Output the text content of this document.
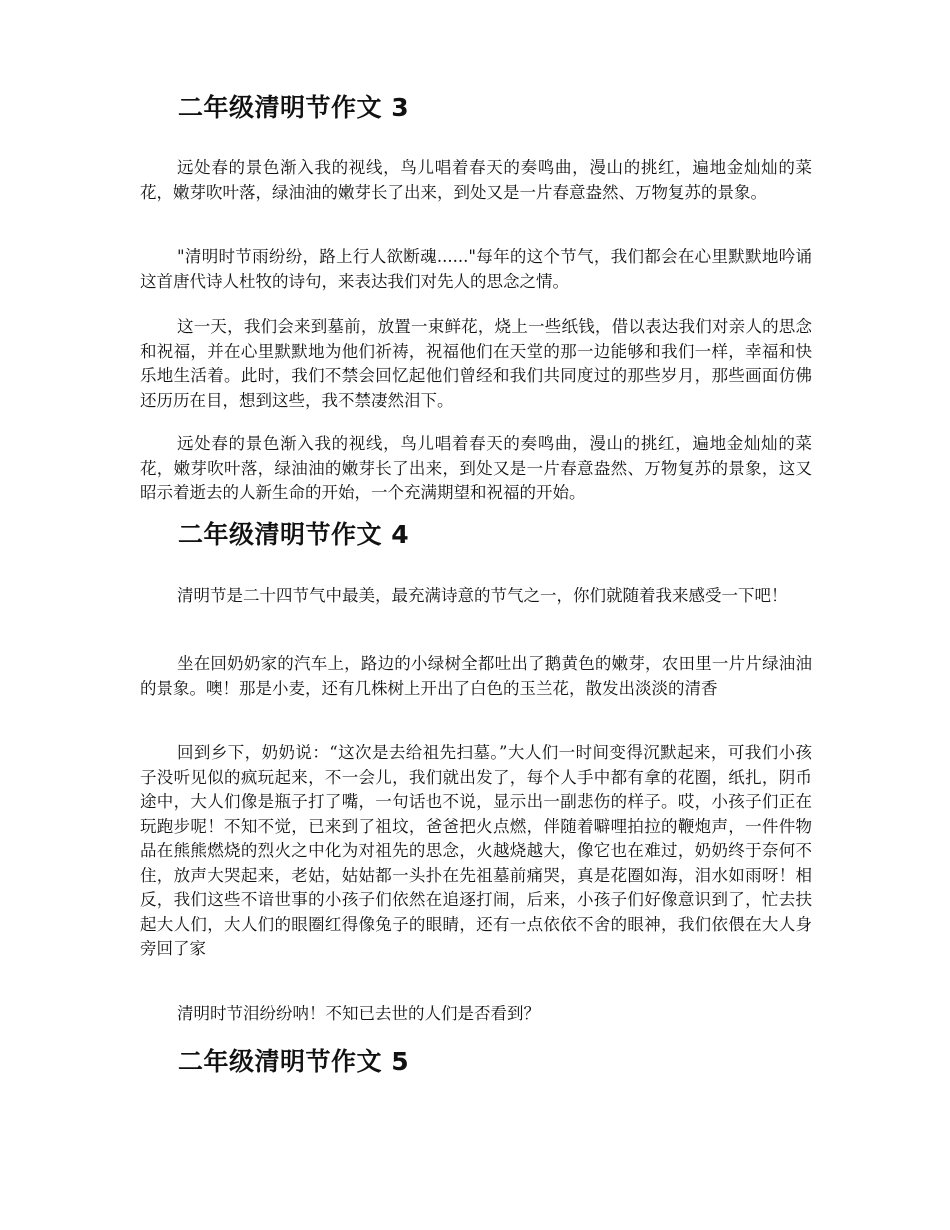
二年级清明节作文 3

远处春的景色渐入我的视线，鸟儿唱着春天的奏鸣曲，漫山的挑红，遍地金灿灿的菜花，嫩芽吹叶落，绿油油的嫩芽长了出来，到处又是一片春意盎然、万物复苏的景象。

"清明时节雨纷纷，路上行人欲断魂......"每年的这个节气，我们都会在心里默默地吟诵这首唐代诗人杜牧的诗句，来表达我们对先人的思念之情。

这一天，我们会来到墓前，放置一束鲜花，烧上一些纸钱，借以表达我们对亲人的思念和祝福，并在心里默默地为他们祈祷，祝福他们在天堂的那一边能够和我们一样，幸福和快乐地生活着。此时，我们不禁会回忆起他们曾经和我们共同度过的那些岁月，那些画面仿佛还历历在目，想到这些，我不禁凄然泪下。

远处春的景色渐入我的视线，鸟儿唱着春天的奏鸣曲，漫山的挑红，遍地金灿灿的菜花，嫩芽吹叶落，绿油油的嫩芽长了出来，到处又是一片春意盎然、万物复苏的景象，这又昭示着逝去的人新生命的开始，一个充满期望和祝福的开始。

二年级清明节作文 4

清明节是二十四节气中最美，最充满诗意的节气之一，你们就随着我来感受一下吧！

坐在回奶奶家的汽车上，路边的小绿树全都吐出了鹅黄色的嫩芽，农田里一片片绿油油的景象。噢！那是小麦，还有几株树上开出了白色的玉兰花，散发出淡淡的清香

回到乡下，奶奶说：“这次是去给祖先扫墓。”大人们一时间变得沉默起来，可我们小孩子没听见似的疯玩起来，不一会儿，我们就出发了，每个人手中都有拿的花圈，纸扎，阴币途中，大人们像是瓶子打了嘴，一句话也不说，显示出一副悲伤的样子。哎，小孩子们正在玩跑步呢！不知不觉，已来到了祖坟，爸爸把火点燃，伴随着噼哩拍拉的鞭炮声，一件件物品在熊熊燃烧的烈火之中化为对祖先的思念，火越烧越大，像它也在难过，奶奶终于奈何不住，放声大哭起来，老姑，姑姑都一头扑在先祖墓前痛哭，真是花圈如海，泪水如雨呀！相反，我们这些不谙世事的小孩子们依然在追逐打闹，后来，小孩子们好像意识到了，忙去扶起大人们，大人们的眼圈红得像兔子的眼睛，还有一点依依不舍的眼神，我们依偎在大人身旁回了家

清明时节泪纷纷呐！不知已去世的人们是否看到？

二年级清明节作文 5
